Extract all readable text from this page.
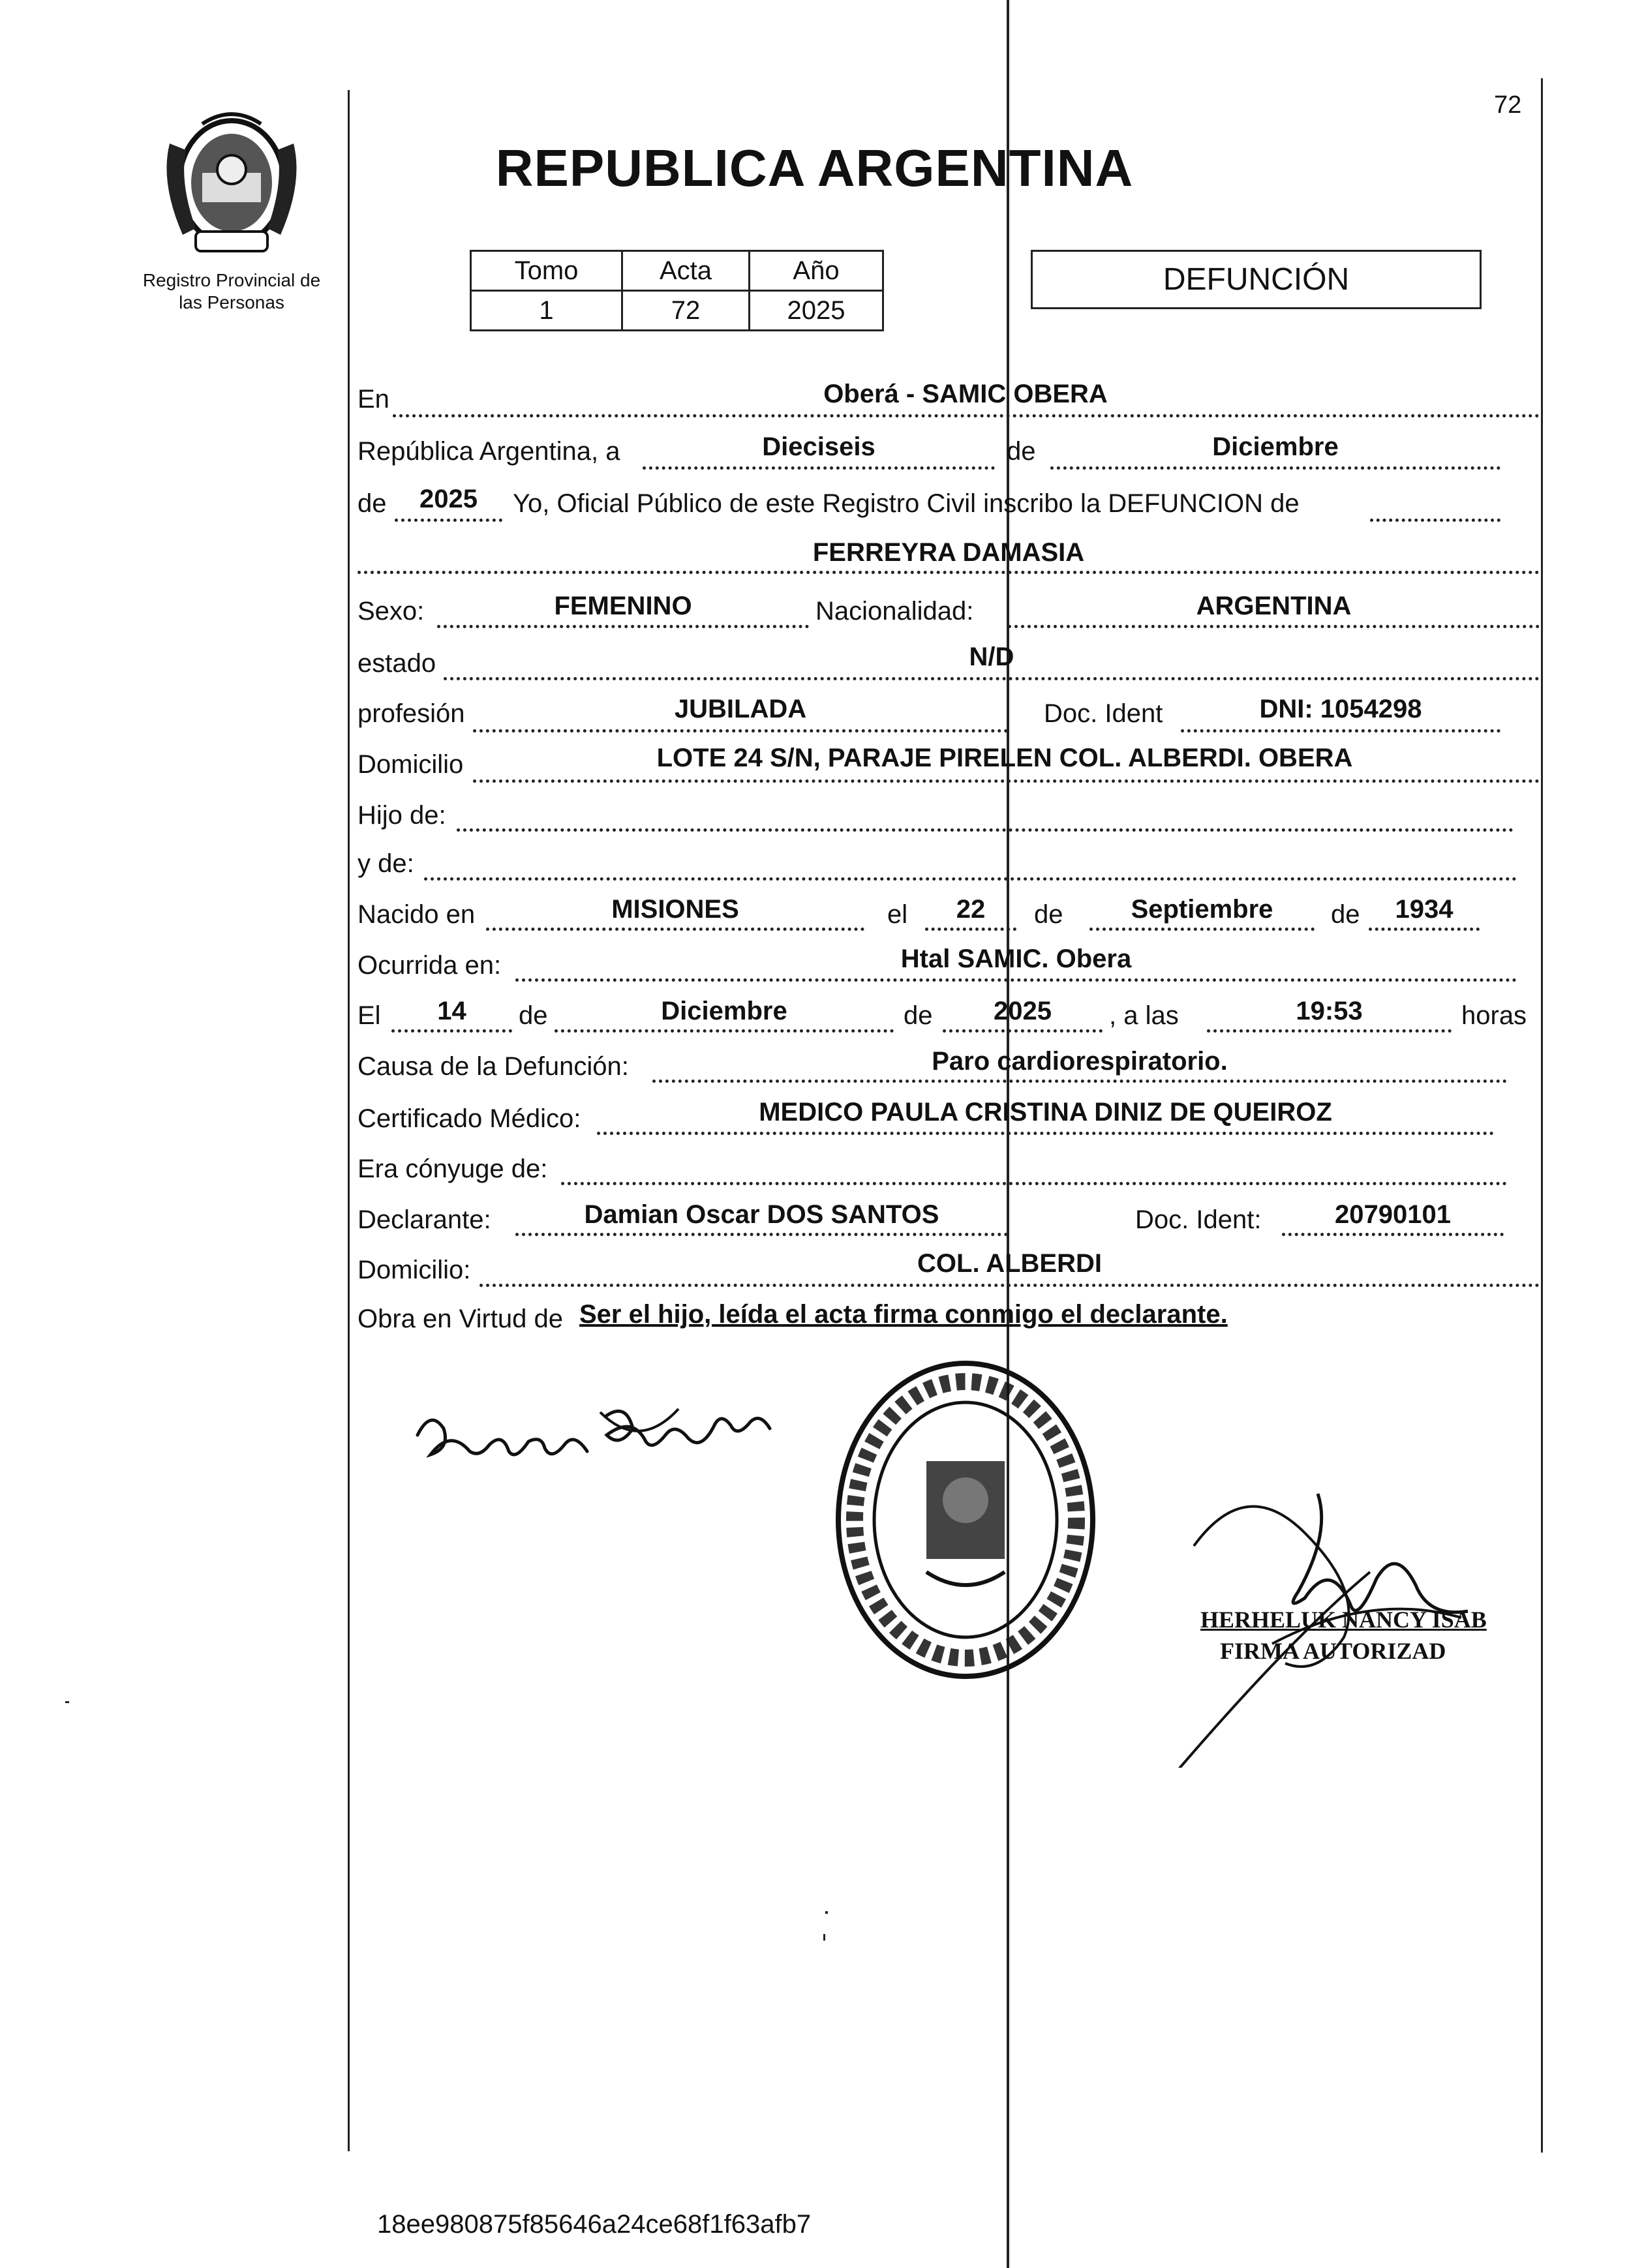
72
Registro Provincial de
las Personas
REPUBLICA ARGENTINA
Tomo	Acta	Año
1	72	2025
DEFUNCIÓN
En	Oberá - SAMIC OBERA
República Argentina, a	Dieciseis	de	Diciembre
de	2025	Yo, Oficial Público de este Registro Civil inscribo la DEFUNCION de
FERREYRA DAMASIA
Sexo:	FEMENINO	Nacionalidad:	ARGENTINA
estado	N/D
profesión	JUBILADA	Doc. Ident	DNI: 1054298
Domicilio	LOTE 24 S/N, PARAJE PIRELEN COL. ALBERDI. OBERA
Hijo de:
y de:
Nacido en	MISIONES	el	22	de	Septiembre	de	1934
Ocurrida en:	Htal SAMIC. Obera
El	14	de	Diciembre	de	2025	, a las	19:53	horas
Causa de la Defunción:	Paro cardiorespiratorio.
Certificado Médico:	MEDICO PAULA CRISTINA DINIZ DE QUEIROZ
Era cónyuge de:
Declarante:	Damian Oscar DOS SANTOS	Doc. Ident:	20790101
Domicilio:	COL. ALBERDI
Obra en Virtud de Ser el hijo, leída el acta firma conmigo el declarante.
HERHELUK NANCY ISAB
FIRMA AUTORIZAD
18ee980875f85646a24ce68f1f63afb7
